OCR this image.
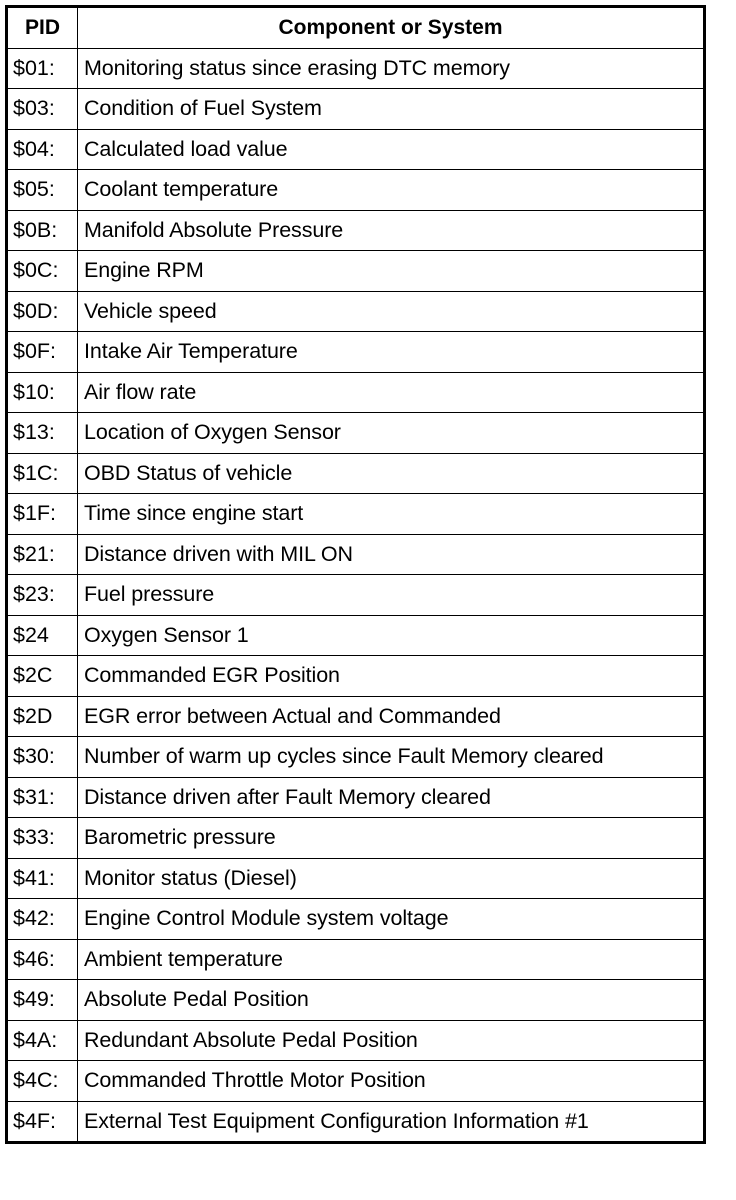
PID	Component or System
$01:	Monitoring status since erasing DTC memory
$03:	Condition of Fuel System
$04:	Calculated load value
$05:	Coolant temperature
$0B:	Manifold Absolute Pressure
$0C:	Engine RPM
$0D:	Vehicle speed
$0F:	Intake Air Temperature
$10:	Air flow rate
$13:	Location of Oxygen Sensor
$1C:	OBD Status of vehicle
$1F:	Time since engine start
$21:	Distance driven with MIL ON
$23:	Fuel pressure
$24	Oxygen Sensor 1
$2C	Commanded EGR Position
$2D	EGR error between Actual and Commanded
$30:	Number of warm up cycles since Fault Memory cleared
$31:	Distance driven after Fault Memory cleared
$33:	Barometric pressure
$41:	Monitor status (Diesel)
$42:	Engine Control Module system voltage
$46:	Ambient temperature
$49:	Absolute Pedal Position
$4A:	Redundant Absolute Pedal Position
$4C:	Commanded Throttle Motor Position
$4F:	External Test Equipment Configuration Information #1
